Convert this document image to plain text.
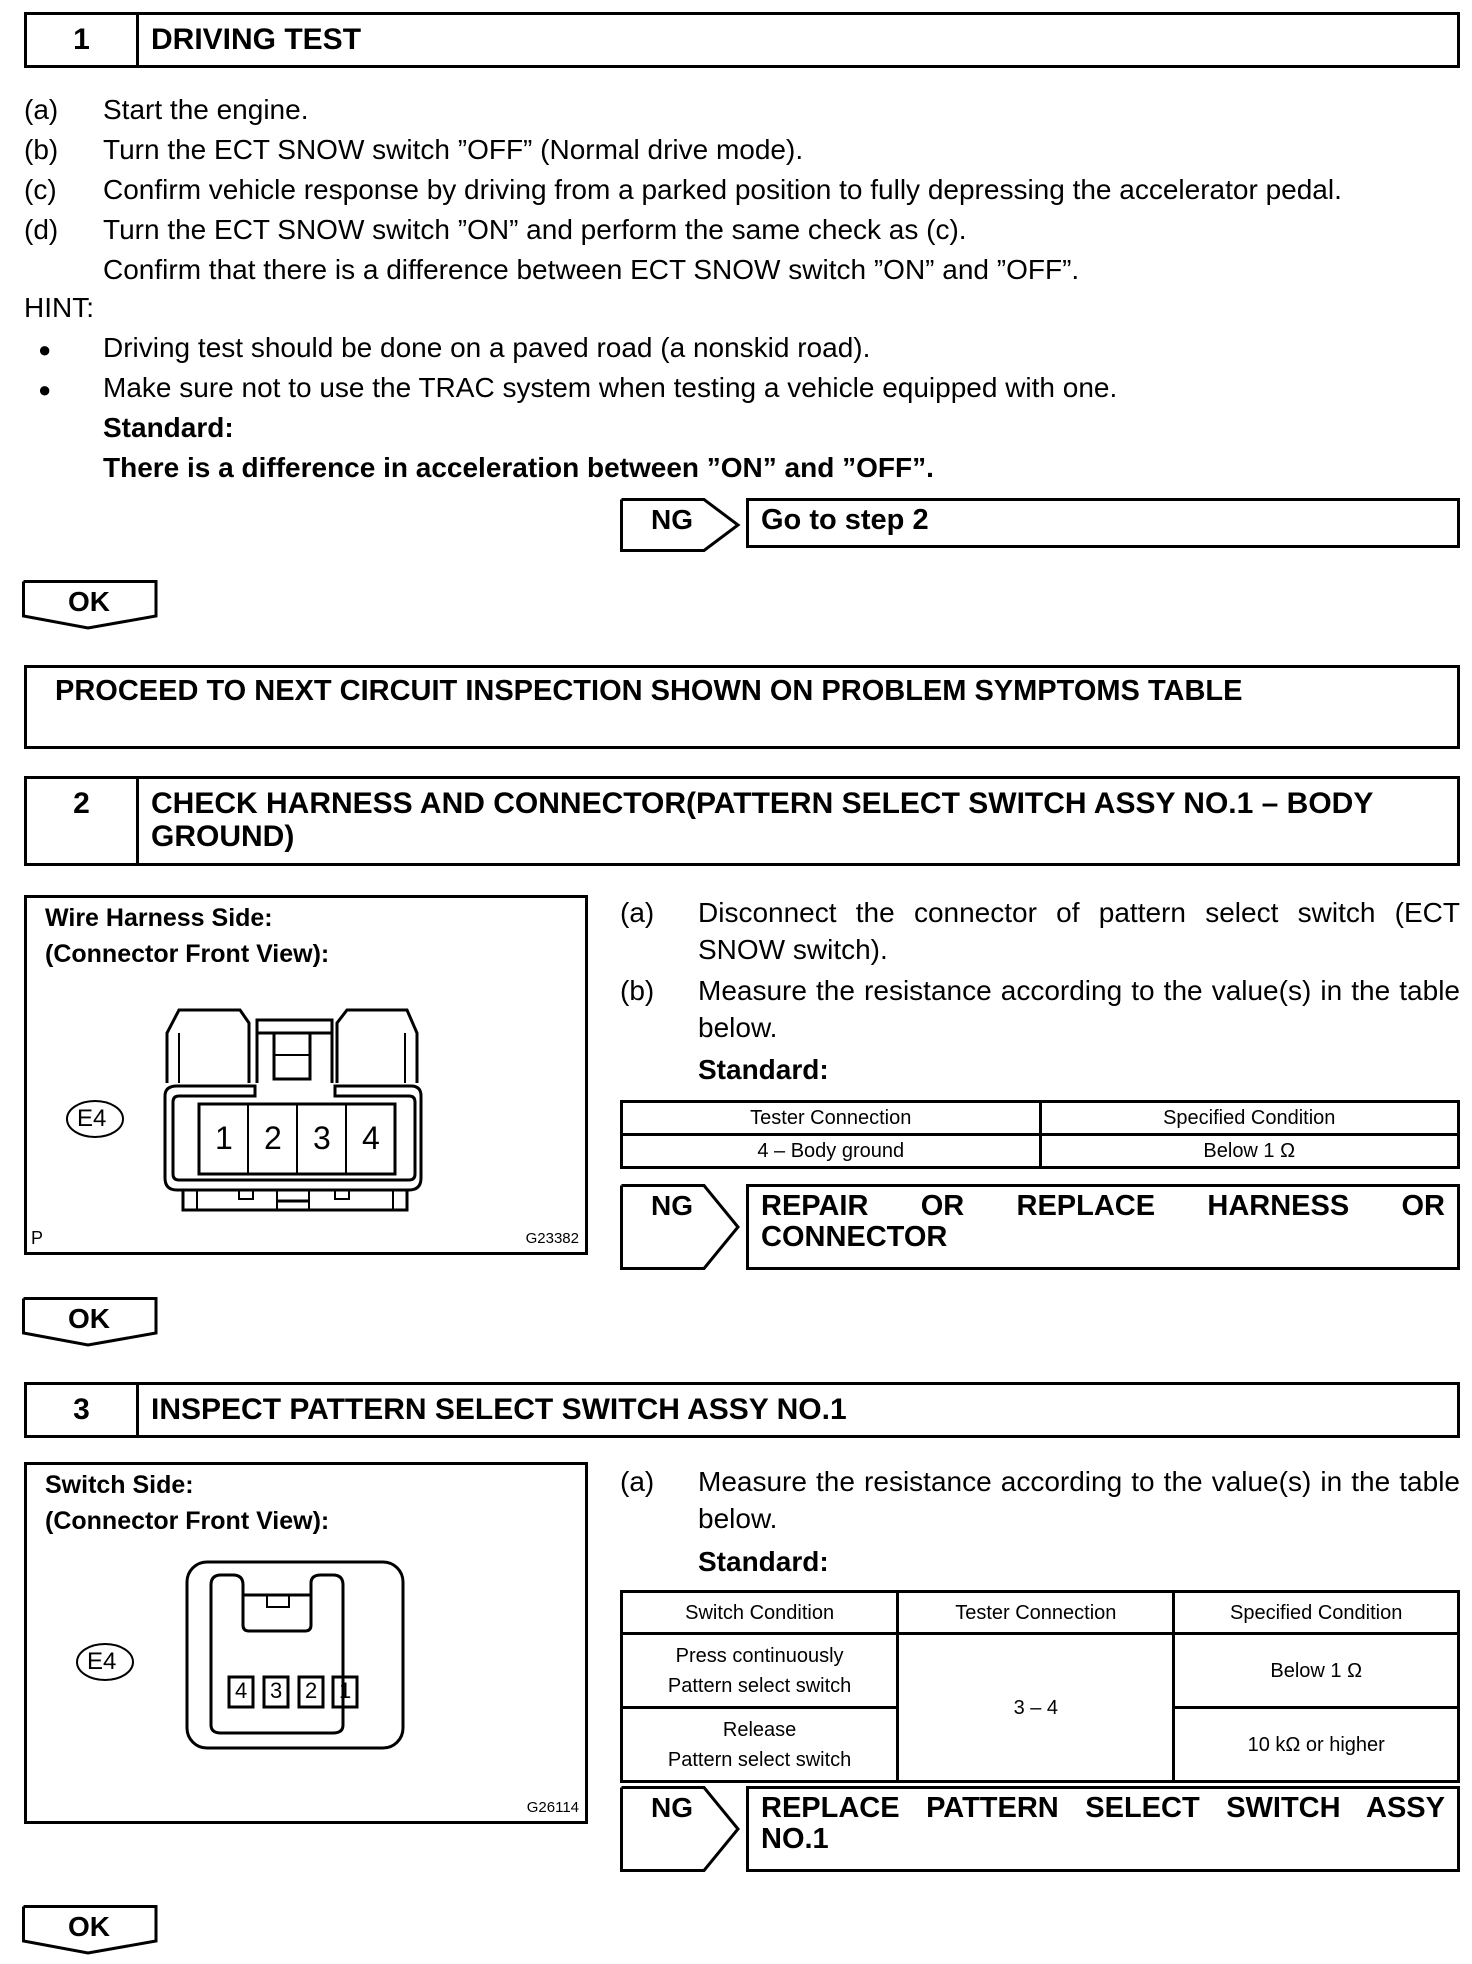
1	DRIVING TEST
(a) Start the engine.
(b) Turn the ECT SNOW switch ”OFF” (Normal drive mode).
(c) Confirm vehicle response by driving from a parked position to fully depressing the accelerator pedal.
(d) Turn the ECT SNOW switch ”ON” and perform the same check as (c).
Confirm that there is a difference between ECT SNOW switch ”ON” and ”OFF”.
HINT:
● Driving test should be done on a paved road (a nonskid road).
● Make sure not to use the TRAC system when testing a vehicle equipped with one.
Standard:
There is a difference in acceleration between ”ON” and ”OFF”.
NG	Go to step 2
OK
PROCEED TO NEXT CIRCUIT INSPECTION SHOWN ON PROBLEM SYMPTOMS TABLE
2	CHECK HARNESS AND CONNECTOR(PATTERN SELECT SWITCH ASSY NO.1 – BODY GROUND)
Wire Harness Side:
(Connector Front View):
E4
1 2 3 4
P	G23382
(a) Disconnect the connector of pattern select switch (ECT SNOW switch).
(b) Measure the resistance according to the value(s) in the table below.
Standard:
Tester Connection	Specified Condition
4 – Body ground	Below 1 Ω
NG	REPAIR OR REPLACE HARNESS OR CONNECTOR
OK
3	INSPECT PATTERN SELECT SWITCH ASSY NO.1
Switch Side:
(Connector Front View):
E4
4 3 2 1
G26114
(a) Measure the resistance according to the value(s) in the table below.
Standard:
Switch Condition	Tester Connection	Specified Condition

Press continuously
Pattern select switch	3 – 4	Below 1 Ω

Release
Pattern select switch		10 kΩ or higher
NG	REPLACE PATTERN SELECT SWITCH ASSY NO.1
OK
